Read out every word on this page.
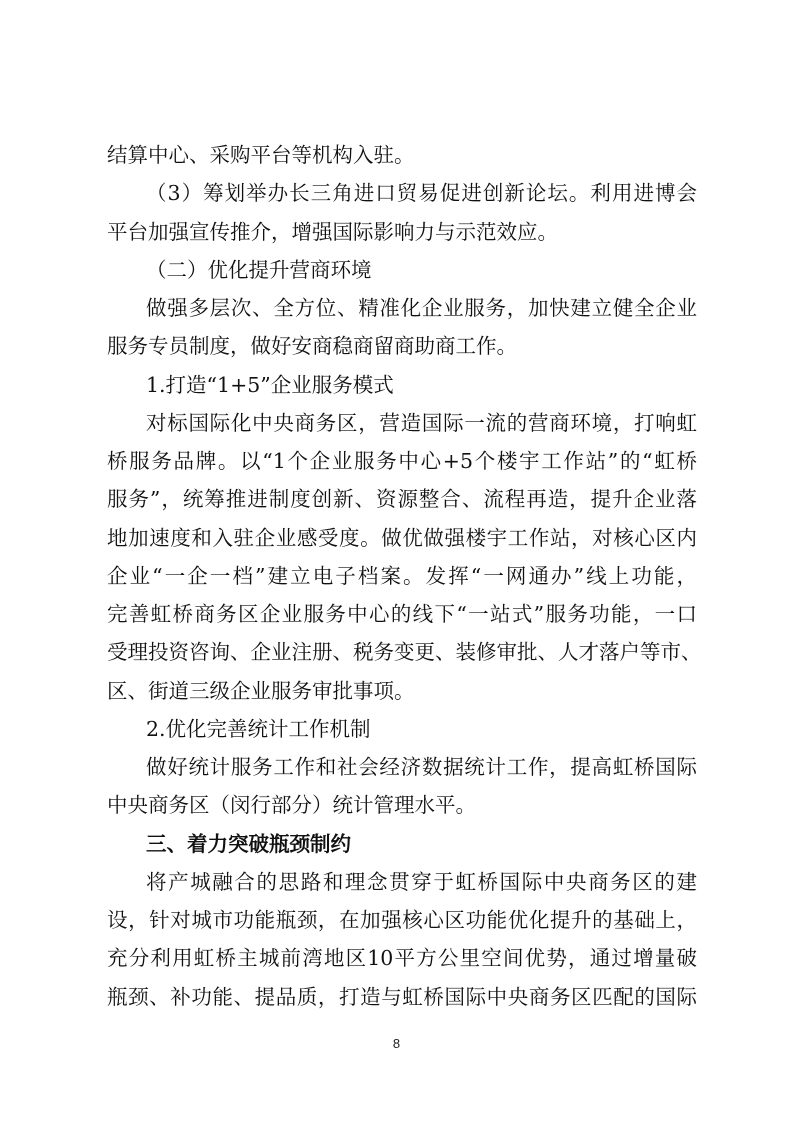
结算中心、采购平台等机构入驻。
（3）筹划举办长三角进口贸易促进创新论坛。利用进博会
平台加强宣传推介，增强国际影响力与示范效应。
（二）优化提升营商环境
做强多层次、全方位、精准化企业服务，加快建立健全企业
服务专员制度，做好安商稳商留商助商工作。
1.打造“1+5”企业服务模式
对标国际化中央商务区，营造国际一流的营商环境，打响虹
桥服务品牌。以“1个企业服务中心+5个楼宇工作站”的“虹桥
服务”，统筹推进制度创新、资源整合、流程再造，提升企业落
地加速度和入驻企业感受度。做优做强楼宇工作站，对核心区内
企业“一企一档”建立电子档案。发挥“一网通办”线上功能，
完善虹桥商务区企业服务中心的线下“一站式”服务功能，一口
受理投资咨询、企业注册、税务变更、装修审批、人才落户等市、
区、街道三级企业服务审批事项。
2.优化完善统计工作机制
做好统计服务工作和社会经济数据统计工作，提高虹桥国际
中央商务区（闵行部分）统计管理水平。
三、着力突破瓶颈制约
将产城融合的思路和理念贯穿于虹桥国际中央商务区的建
设，针对城市功能瓶颈，在加强核心区功能优化提升的基础上，
充分利用虹桥主城前湾地区10平方公里空间优势，通过增量破
瓶颈、补功能、提品质，打造与虹桥国际中央商务区匹配的国际
8
